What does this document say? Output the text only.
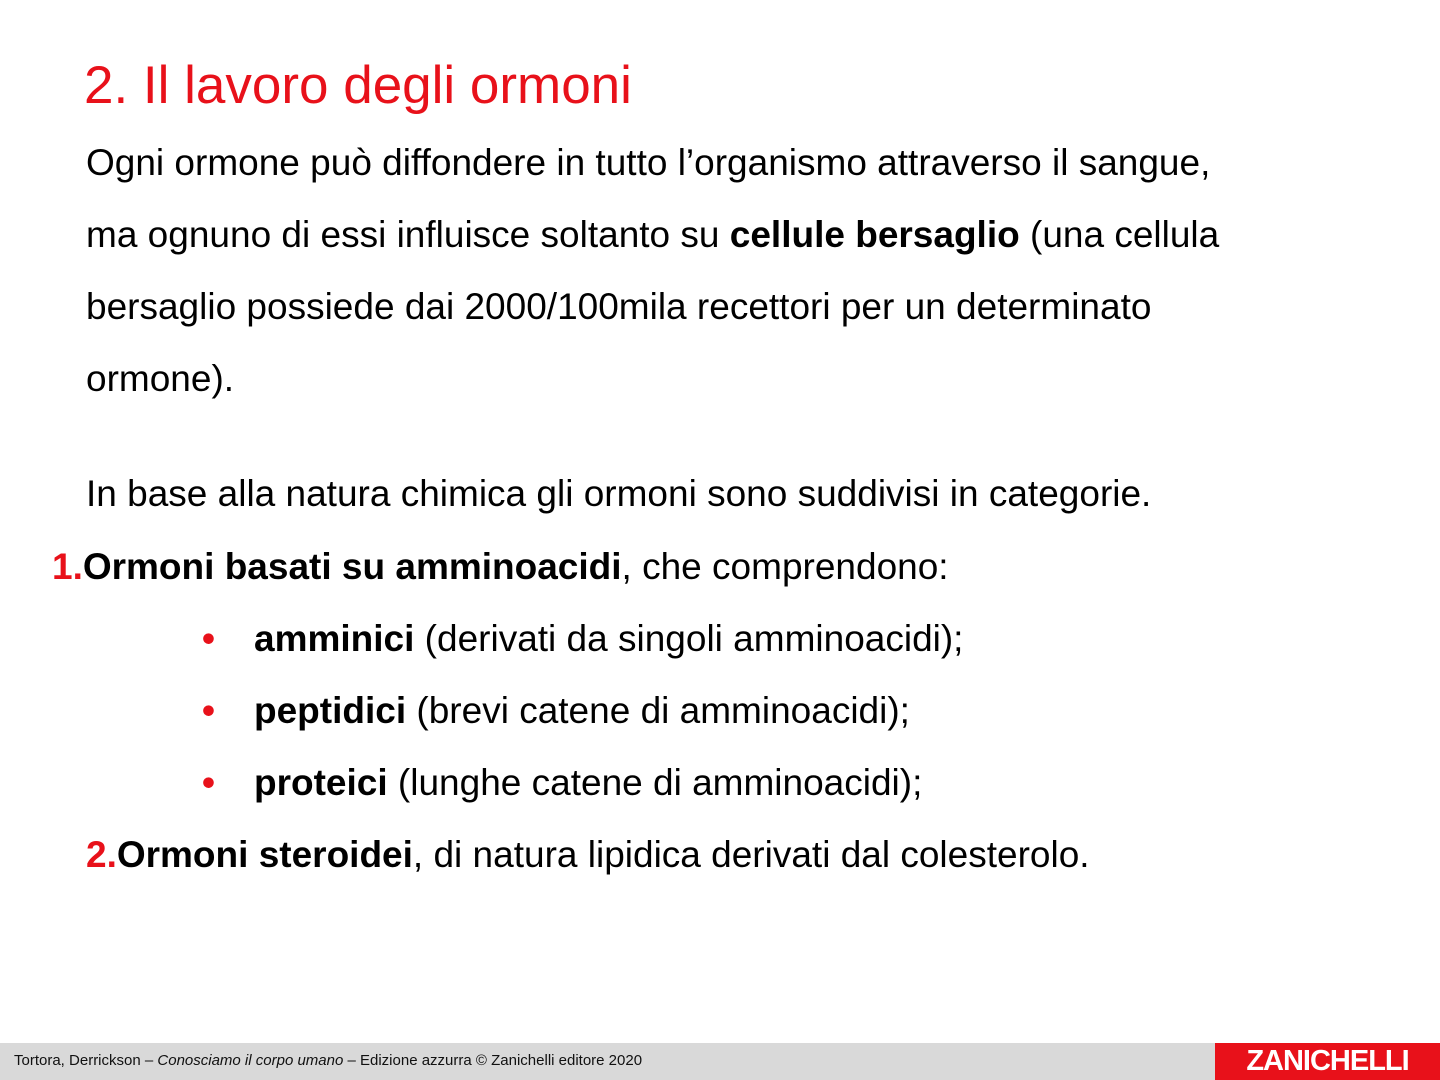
2. Il lavoro degli ormoni
Ogni ormone può diffondere in tutto l’organismo attraverso il sangue,
ma ognuno di essi influisce soltanto su cellule bersaglio (una cellula
bersaglio possiede dai 2000/100mila recettori per un determinato
ormone).
In base alla natura chimica gli ormoni sono suddivisi in categorie.
1.Ormoni basati su amminoacidi, che comprendono:
• amminici (derivati da singoli amminoacidi);
• peptidici (brevi catene di amminoacidi);
• proteici (lunghe catene di amminoacidi);
2.Ormoni steroidei, di natura lipidica derivati dal colesterolo.
Tortora, Derrickson – Conosciamo il corpo umano – Edizione azzurra © Zanichelli editore 2020	ZANICHELLI
